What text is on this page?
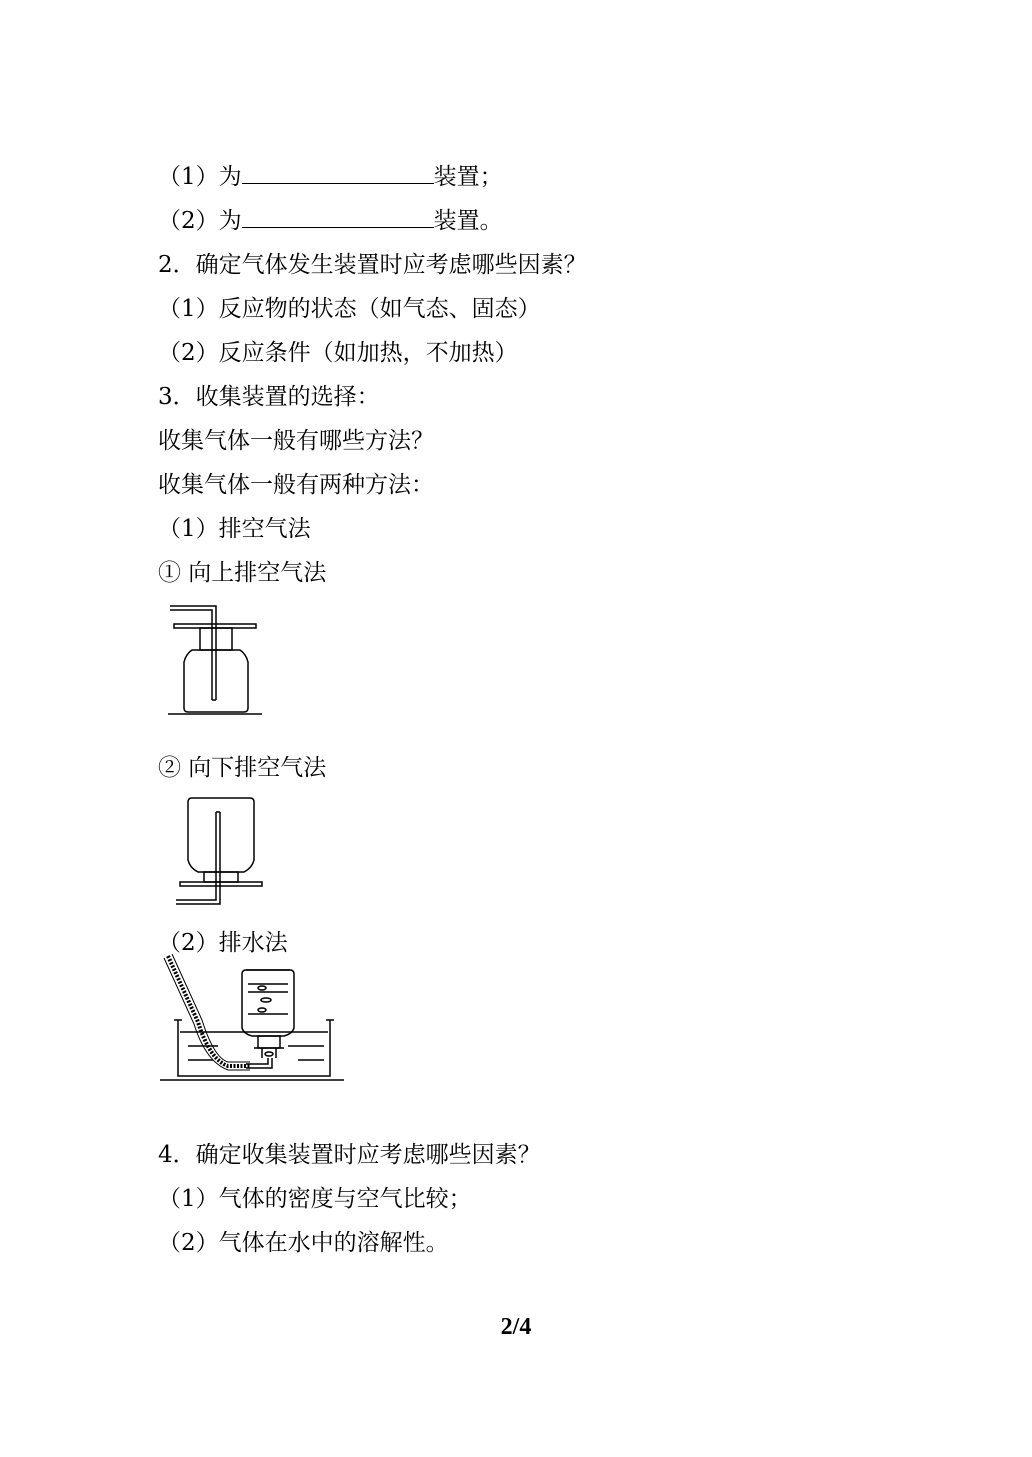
（1）为	装置；
（2）为	装置。
2．确定气体发生装置时应考虑哪些因素？
（1）反应物的状态（如气态、固态）
（2）反应条件（如加热，不加热）
3．收集装置的选择：
收集气体一般有哪些方法？
收集气体一般有两种方法：
（1）排空气法
① 向上排空气法
② 向下排空气法
（2）排水法
4．确定收集装置时应考虑哪些因素？
（1）气体的密度与空气比较；
（2）气体在水中的溶解性。
2/4
